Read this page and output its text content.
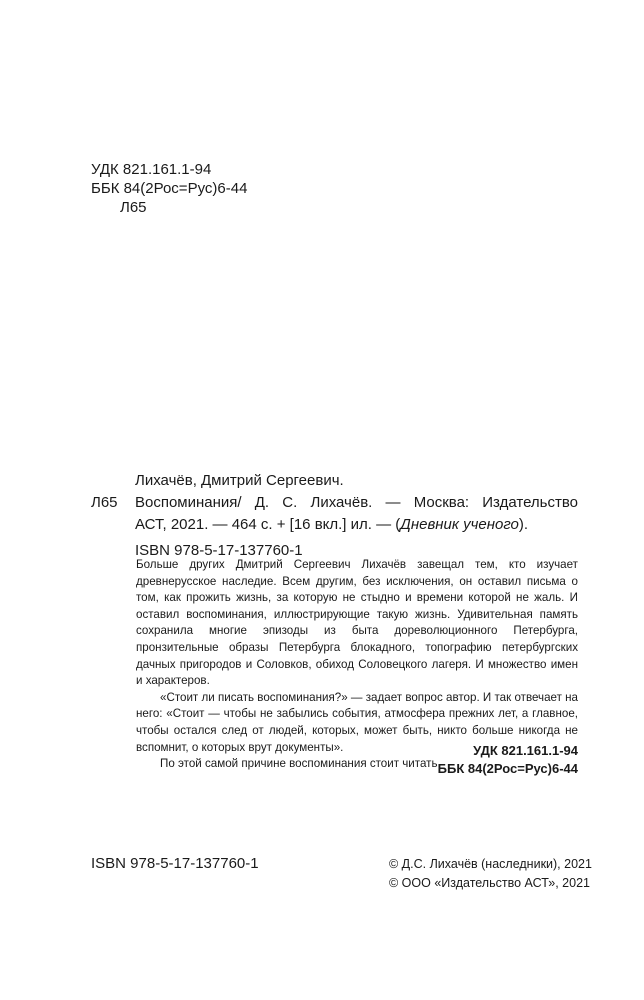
УДК 821.161.1-94
ББК 84(2Рос=Рус)6-44
Л65
Лихачёв, Дмитрий Сергеевич.
Л65	Воспоминания/ Д. С. Лихачёв. — Москва: Издательство
АСТ, 2021. — 464 с. + [16 вкл.] ил. — (Дневник ученого).
ISBN 978-5-17-137760-1

Больше других Дмитрий Сергеевич Лихачёв завещал тем, кто изучает древнерусское наследие. Всем другим, без исключения, он оставил письма о том, как прожить жизнь, за которую не стыдно и времени которой не жаль. И оставил воспоминания, иллюстрирующие такую жизнь. Удивительная память сохранила многие эпизоды из быта дореволюционного Петербурга, пронзительные образы Петербурга блокадного, топографию петербургских дачных пригородов и Соловков, обиход Соловецкого лагеря. И множество имен и характеров.

«Стоит ли писать воспоминания?» — задает вопрос автор. И так отвечает на него: «Стоит — чтобы не забылись события, атмосфера прежних лет, а главное, чтобы остался след от людей, которых, может быть, никто больше никогда не вспомнит, о которых врут документы».

По этой самой причине воспоминания стоит читать.

УДК 821.161.1-94
ББК 84(2Рос=Рус)6-44
ISBN 978-5-17-137760-1	© Д.С. Лихачёв (наследники), 2021
© ООО «Издательство АСТ», 2021
